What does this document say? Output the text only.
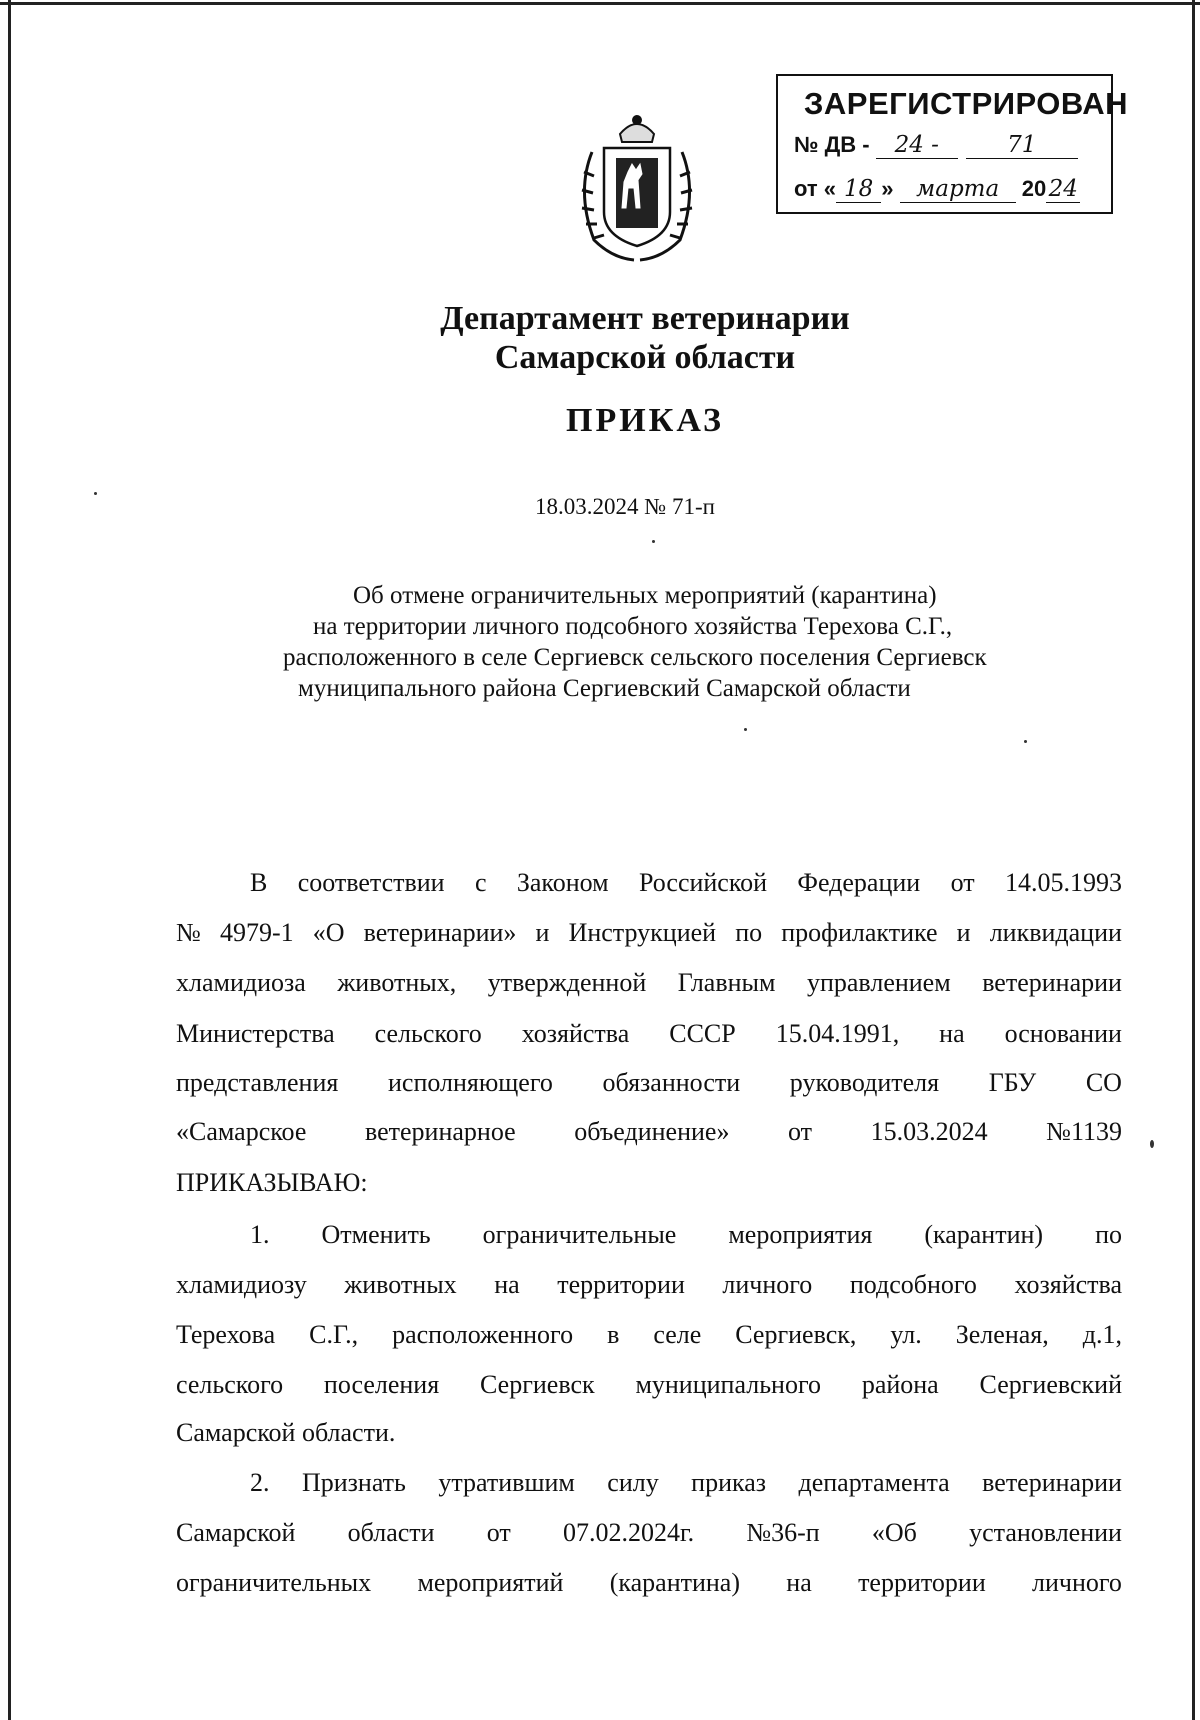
ЗАРЕГИСТРИРОВАН
№ ДВ - 24 -	71
от « 18 » марта 20 24
Департамент ветеринарии
Самарской области
ПРИКАЗ
18.03.2024 № 71-п
Об отмене ограничительных мероприятий (карантина)
на территории личного подсобного хозяйства Терехова С.Г.,
расположенного в селе Сергиевск сельского поселения Сергиевск
муниципального района Сергиевский Самарской области
В соответствии с Законом Российской Федерации от 14.05.1993
№ 4979-1 «О ветеринарии» и Инструкцией по профилактике и ликвидации
хламидиоза животных, утвержденной Главным управлением ветеринарии
Министерства сельского хозяйства СССР 15.04.1991, на основании
представления исполняющего обязанности руководителя ГБУ СО
«Самарское ветеринарное объединение» от 15.03.2024 №1139
ПРИКАЗЫВАЮ:
1. Отменить ограничительные мероприятия (карантин) по
хламидиозу животных на территории личного подсобного хозяйства
Терехова С.Г., расположенного в селе Сергиевск, ул. Зеленая, д.1,
сельского поселения Сергиевск муниципального района Сергиевский
Самарской области.
2. Признать утратившим силу приказ департамента ветеринарии
Самарской области от 07.02.2024г. №36-п «Об установлении
ограничительных мероприятий (карантина) на территории личного
